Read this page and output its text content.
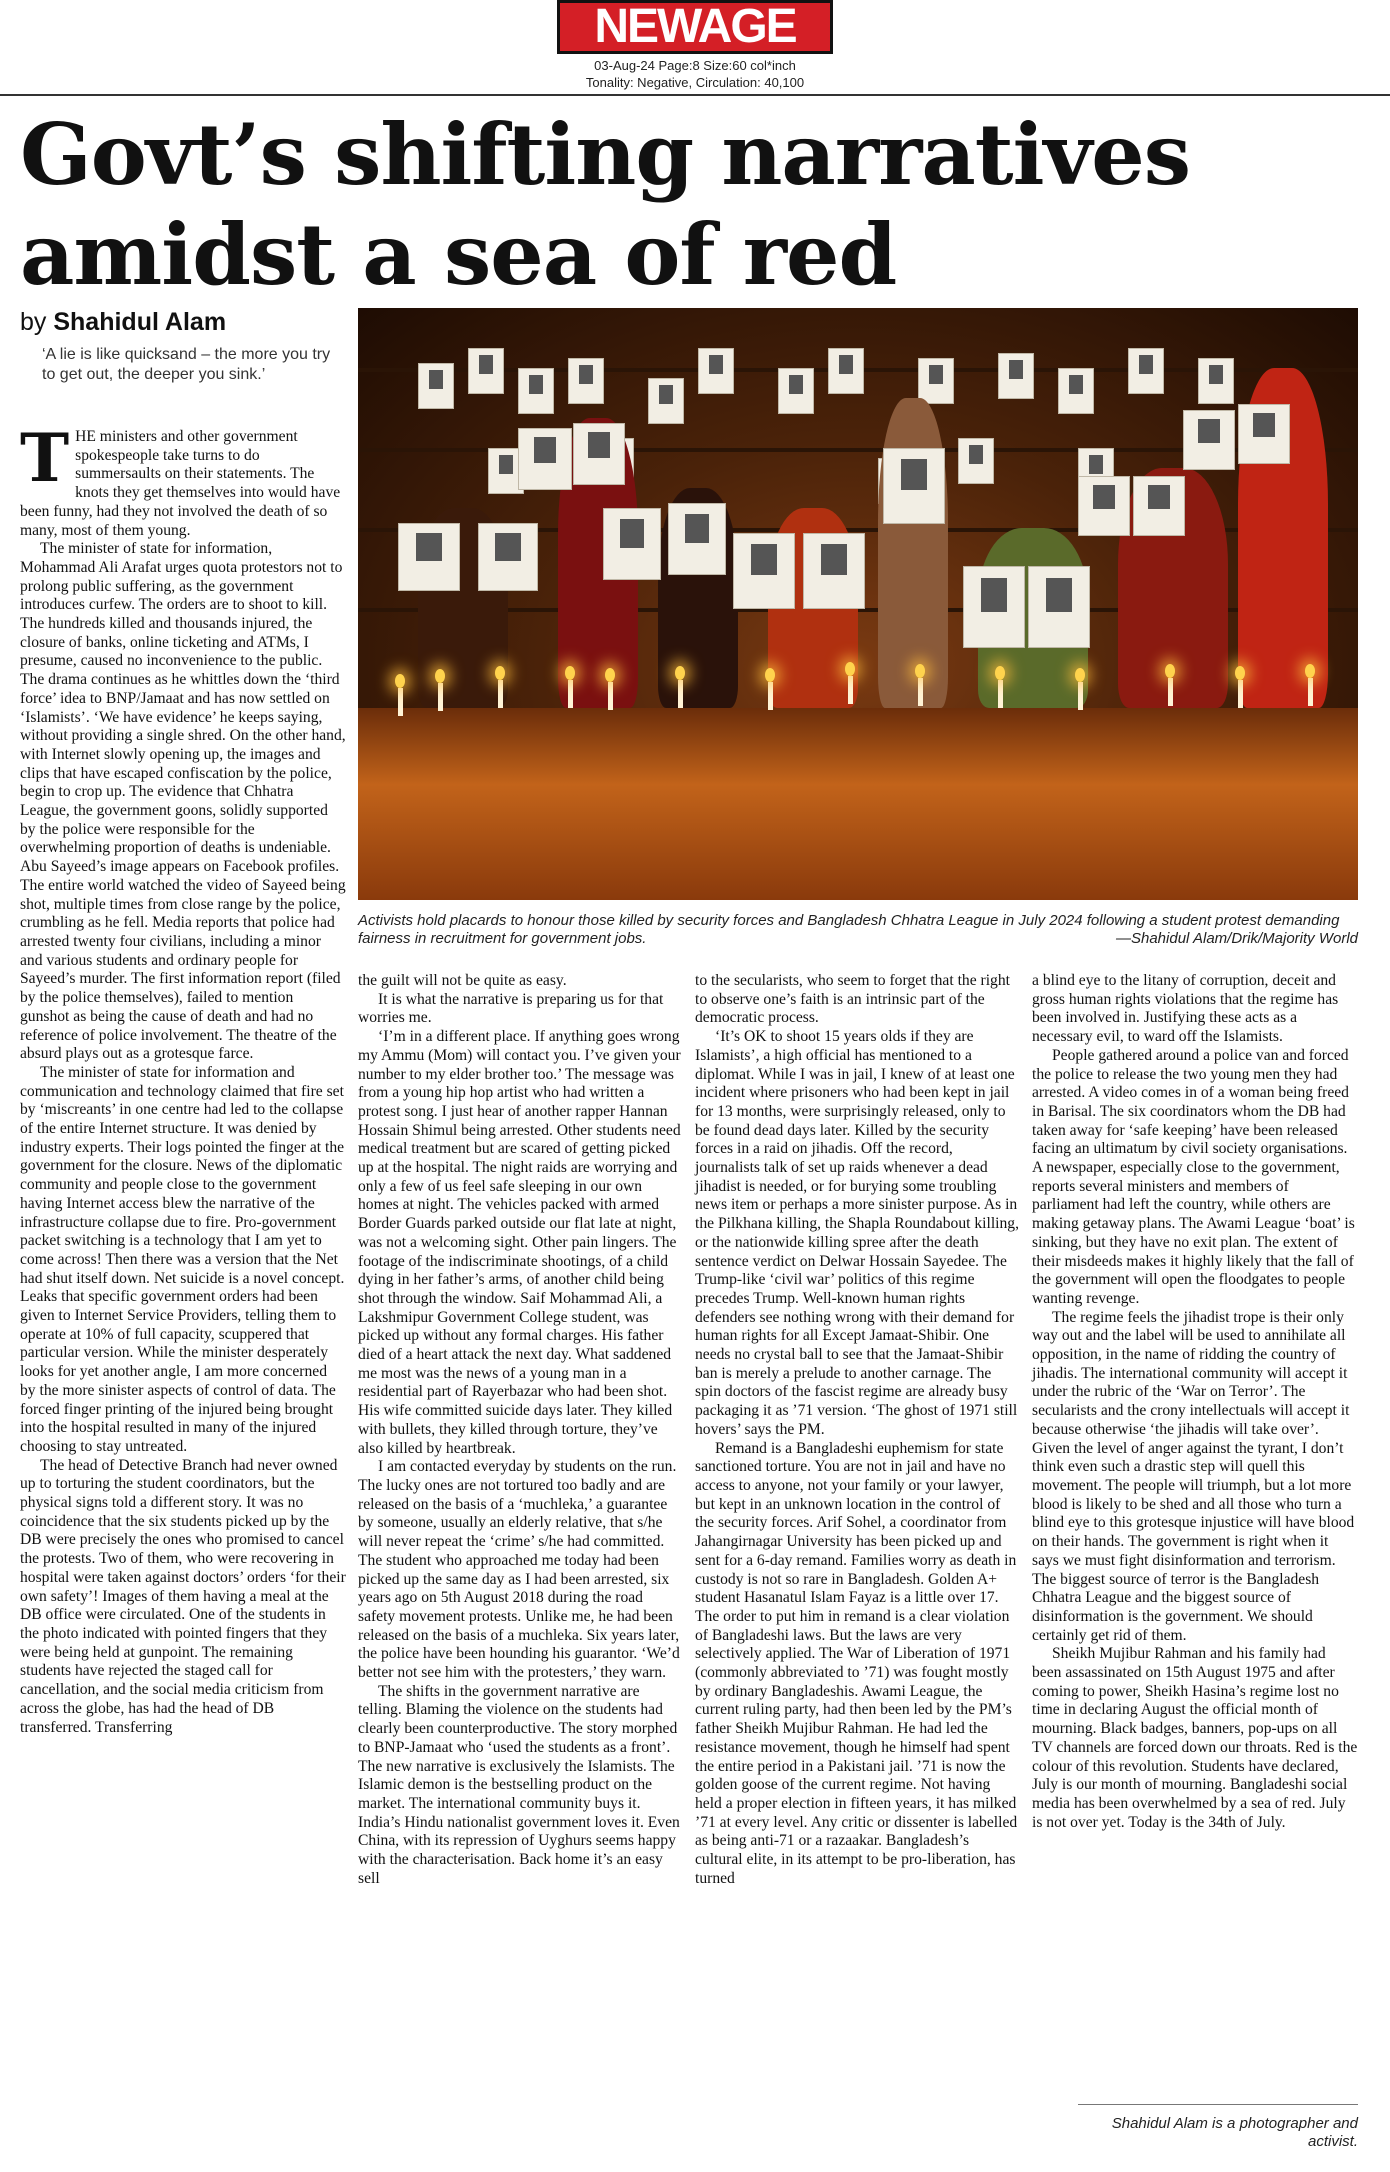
NEWAGE
03-Aug-24 Page:8 Size:60 col*inch
Tonality: Negative, Circulation: 40,100
Govt’s shifting narratives
amidst a sea of red
by Shahidul Alam
‘A lie is like quicksand – the more you try to get out, the deeper you sink.’
Activists hold placards to honour those killed by security forces and Bangladesh Chhatra League in July 2024 following a student protest demanding fairness in recruitment for government jobs.	—Shahidul Alam/Drik/Majority World

THE ministers and other government spokespeople take turns to do summersaults on their statements. The knots they get themselves into would have been funny, had they not involved the death of so many, most of them young.

The minister of state for information, Mohammad Ali Arafat urges quota protestors not to prolong public suffering, as the government introduces curfew. The orders are to shoot to kill. The hundreds killed and thousands injured, the closure of banks, online ticketing and ATMs, I presume, caused no inconvenience to the public. The drama continues as he whittles down the ‘third force’ idea to BNP/Jamaat and has now settled on ‘Islamists’. ‘We have evidence’ he keeps saying, without providing a single shred. On the other hand, with Internet slowly opening up, the images and clips that have escaped confiscation by the police, begin to crop up. The evidence that Chhatra League, the government goons, solidly supported by the police were responsible for the overwhelming proportion of deaths is undeniable. Abu Sayeed’s image appears on Facebook profiles. The entire world watched the video of Sayeed being shot, multiple times from close range by the police, crumbling as he fell. Media reports that police had arrested twenty four civilians, including a minor and various students and ordinary people for Sayeed’s murder. The first information report (filed by the police themselves), failed to mention gunshot as being the cause of death and had no reference of police involvement. The theatre of the absurd plays out as a grotesque farce.

The minister of state for information and communication and technology claimed that fire set by ‘miscreants’ in one centre had led to the collapse of the entire Internet structure. It was denied by industry experts. Their logs pointed the finger at the government for the closure. News of the diplomatic community and people close to the government having Internet access blew the narrative of the infrastructure collapse due to fire. Pro-government packet switching is a technology that I am yet to come across! Then there was a version that the Net had shut itself down. Net suicide is a novel concept. Leaks that specific government orders had been given to Internet Service Providers, telling them to operate at 10% of full capacity, scuppered that particular version. While the minister desperately looks for yet another angle, I am more concerned by the more sinister aspects of control of data. The forced finger printing of the injured being brought into the hospital resulted in many of the injured choosing to stay untreated.

The head of Detective Branch had never owned up to torturing the student coordinators, but the physical signs told a different story. It was no coincidence that the six students picked up by the DB were precisely the ones who promised to cancel the protests. Two of them, who were recovering in hospital were taken against doctors’ orders ‘for their own safety’! Images of them having a meal at the DB office were circulated. One of the students in the photo indicated with pointed fingers that they were being held at gunpoint. The remaining students have rejected the staged call for cancellation, and the social media criticism from across the globe, has had the head of DB transferred. Transferring

the guilt will not be quite as easy.

It is what the narrative is preparing us for that worries me.

‘I’m in a different place. If anything goes wrong my Ammu (Mom) will contact you. I’ve given your number to my elder brother too.’ The message was from a young hip hop artist who had written a protest song. I just hear of another rapper Hannan Hossain Shimul being arrested. Other students need medical treatment but are scared of getting picked up at the hospital. The night raids are worrying and only a few of us feel safe sleeping in our own homes at night. The vehicles packed with armed Border Guards parked outside our flat late at night, was not a welcoming sight. Other pain lingers. The footage of the indiscriminate shootings, of a child dying in her father’s arms, of another child being shot through the window. Saif Mohammad Ali, a Lakshmipur Government College student, was picked up without any formal charges. His father died of a heart attack the next day. What saddened me most was the news of a young man in a residential part of Rayerbazar who had been shot. His wife committed suicide days later. They killed with bullets, they killed through torture, they’ve also killed by heartbreak.

I am contacted everyday by students on the run. The lucky ones are not tortured too badly and are released on the basis of a ‘muchleka,’ a guarantee by someone, usually an elderly relative, that s/he will never repeat the ‘crime’ s/he had committed. The student who approached me today had been picked up the same day as I had been arrested, six years ago on 5th August 2018 during the road safety movement protests. Unlike me, he had been released on the basis of a muchleka. Six years later, the police have been hounding his guarantor. ‘We’d better not see him with the protesters,’ they warn.

The shifts in the government narrative are telling. Blaming the violence on the students had clearly been counterproductive. The story morphed to BNP-Jamaat who ‘used the students as a front’. The new narrative is exclusively the Islamists. The Islamic demon is the bestselling product on the market. The international community buys it. India’s Hindu nationalist government loves it. Even China, with its repression of Uyghurs seems happy with the characterisation. Back home it’s an easy sell

to the secularists, who seem to forget that the right to observe one’s faith is an intrinsic part of the democratic process.

‘It’s OK to shoot 15 years olds if they are Islamists’, a high official has mentioned to a diplomat. While I was in jail, I knew of at least one incident where prisoners who had been kept in jail for 13 months, were surprisingly released, only to be found dead days later. Killed by the security forces in a raid on jihadis. Off the record, journalists talk of set up raids whenever a dead jihadist is needed, or for burying some troubling news item or perhaps a more sinister purpose. As in the Pilkhana killing, the Shapla Roundabout killing, or the nationwide killing spree after the death sentence verdict on Delwar Hossain Sayedee. The Trump-like ‘civil war’ politics of this regime precedes Trump. Well-known human rights defenders see nothing wrong with their demand for human rights for all Except Jamaat-Shibir. One needs no crystal ball to see that the Jamaat-Shibir ban is merely a prelude to another carnage. The spin doctors of the fascist regime are already busy packaging it as ’71 version. ‘The ghost of 1971 still hovers’ says the PM.

Remand is a Bangladeshi euphemism for state sanctioned torture. You are not in jail and have no access to anyone, not your family or your lawyer, but kept in an unknown location in the control of the security forces. Arif Sohel, a coordinator from Jahangirnagar University has been picked up and sent for a 6-day remand. Families worry as death in custody is not so rare in Bangladesh. Golden A+ student Hasanatul Islam Fayaz is a little over 17. The order to put him in remand is a clear violation of Bangladeshi laws. But the laws are very selectively applied. The War of Liberation of 1971 (commonly abbreviated to ’71) was fought mostly by ordinary Bangladeshis. Awami League, the current ruling party, had then been led by the PM’s father Sheikh Mujibur Rahman. He had led the resistance movement, though he himself had spent the entire period in a Pakistani jail. ’71 is now the golden goose of the current regime. Not having held a proper election in fifteen years, it has milked ’71 at every level. Any critic or dissenter is labelled as being anti-71 or a razaakar. Bangladesh’s cultural elite, in its attempt to be pro-liberation, has turned

a blind eye to the litany of corruption, deceit and gross human rights violations that the regime has been involved in. Justifying these acts as a necessary evil, to ward off the Islamists.

People gathered around a police van and forced the police to release the two young men they had arrested. A video comes in of a woman being freed in Barisal. The six coordinators whom the DB had taken away for ‘safe keeping’ have been released facing an ultimatum by civil society organisations. A newspaper, especially close to the government, reports several ministers and members of parliament had left the country, while others are making getaway plans. The Awami League ‘boat’ is sinking, but they have no exit plan. The extent of their misdeeds makes it highly likely that the fall of the government will open the floodgates to people wanting revenge.

The regime feels the jihadist trope is their only way out and the label will be used to annihilate all opposition, in the name of ridding the country of jihadis. The international community will accept it under the rubric of the ‘War on Terror’. The secularists and the crony intellectuals will accept it because otherwise ‘the jihadis will take over’. Given the level of anger against the tyrant, I don’t think even such a drastic step will quell this movement. The people will triumph, but a lot more blood is likely to be shed and all those who turn a blind eye to this grotesque injustice will have blood on their hands. The government is right when it says we must fight disinformation and terrorism. The biggest source of terror is the Bangladesh Chhatra League and the biggest source of disinformation is the government. We should certainly get rid of them.

Sheikh Mujibur Rahman and his family had been assassinated on 15th August 1975 and after coming to power, Sheikh Hasina’s regime lost no time in declaring August the official month of mourning. Black badges, banners, pop-ups on all TV channels are forced down our throats. Red is the colour of this revolution. Students have declared, July is our month of mourning. Bangladeshi social media has been overwhelmed by a sea of red. July is not over yet. Today is the 34th of July.

Shahidul Alam is a photographer and activist.
